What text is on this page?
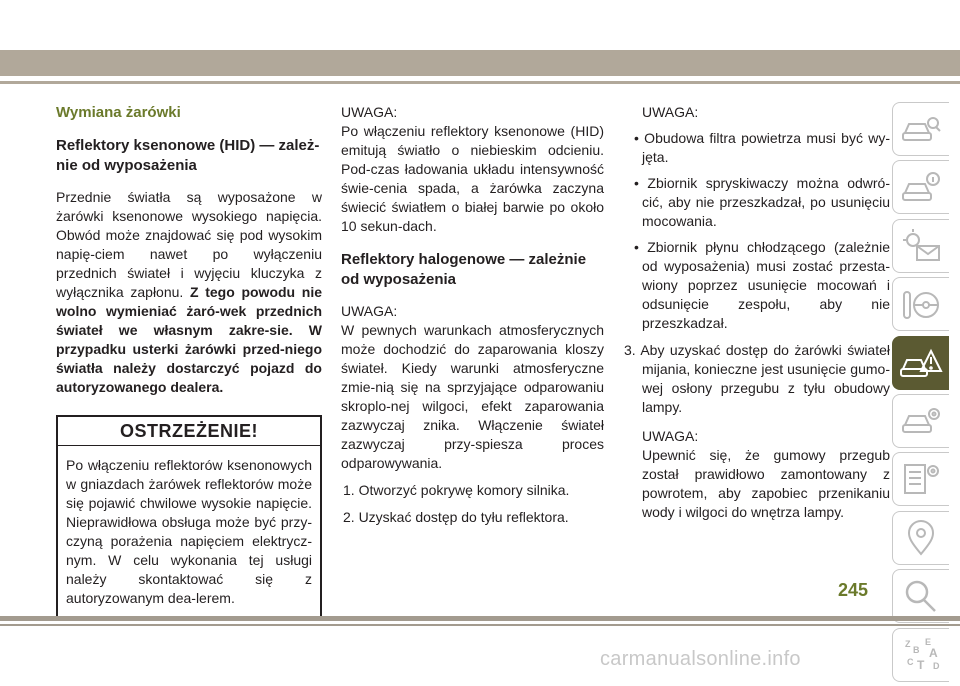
Wymiana żarówki
Reflektory ksenonowe (HID) — zależ-nie od wyposażenia

Przednie światła są wyposażone w żarówki ksenonowe wysokiego napięcia. Obwód może znajdować się pod wysokim napię-ciem nawet po wyłączeniu przednich świateł i wyjęciu kluczyka z wyłącznika zapłonu. Z tego powodu nie wolno wymieniać żaró-wek przednich świateł we własnym zakre-sie. W przypadku usterki żarówki przed-niego światła należy dostarczyć pojazd do autoryzowanego dealera.

OSTRZEŻENIE!
Po włączeniu reflektorów ksenonowych w gniazdach żarówek reflektorów może się pojawić chwilowe wysokie napięcie. Nieprawidłowa obsługa może być przy-czyną porażenia napięciem elektrycz-nym. W celu wykonania tej usługi należy skontaktować się z autoryzowanym dea-lerem.

UWAGA:

Po włączeniu reflektory ksenonowe (HID) emitują światło o niebieskim odcieniu. Pod-czas ładowania układu intensywność świe-cenia spada, a żarówka zaczyna świecić światłem o białej barwie po około 10 sekun-dach.

Reflektory halogenowe — zależnie od wyposażenia

UWAGA:

W pewnych warunkach atmosferycznych może dochodzić do zaparowania kloszy świateł. Kiedy warunki atmosferyczne zmie-nią się na sprzyjające odparowaniu skroplo-nej wilgoci, efekt zaparowania zazwyczaj znika. Włączenie świateł zazwyczaj przy-spiesza proces odparowywania.

1. Otworzyć pokrywę komory silnika.

2. Uzyskać dostęp do tyłu reflektora.

UWAGA:

• Obudowa filtra powietrza musi być wy-jęta.

• Zbiornik spryskiwaczy można odwró-cić, aby nie przeszkadzał, po usunięciu mocowania.

• Zbiornik płynu chłodzącego (zależnie od wyposażenia) musi zostać przesta-wiony poprzez usunięcie mocowań i odsunięcie zespołu, aby nie przeszkadzał.

3. Aby uzyskać dostęp do żarówki świateł mijania, konieczne jest usunięcie gumo-wej osłony przegubu z tyłu obudowy lampy.

UWAGA:

Upewnić się, że gumowy przegub został prawidłowo zamontowany z powrotem, aby zapobiec przenikaniu wody i wilgoci do wnętrza lampy.

Z E
B A
C T D
245
carmanualsonline.info
